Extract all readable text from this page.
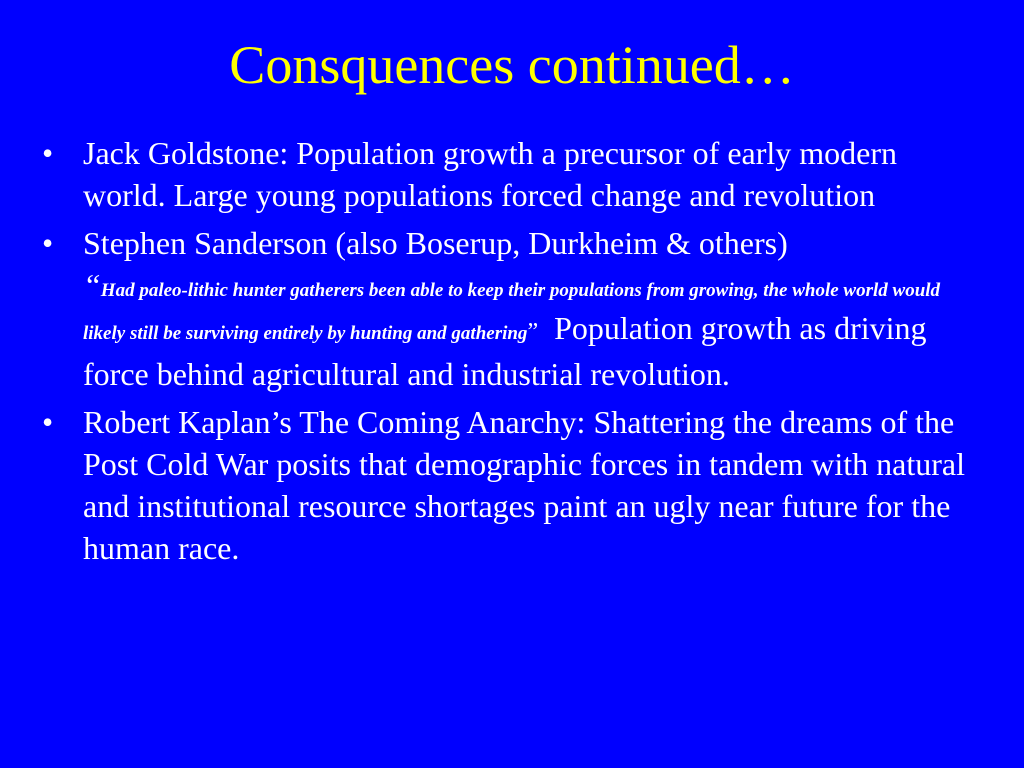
Consquences continued…
• Jack Goldstone: Population growth a precursor of early modern world. Large young populations forced change and revolution
• Stephen Sanderson (also Boserup, Durkheim & others)
“Had paleo-lithic hunter gatherers been able to keep their populations from growing, the whole world would likely still be surviving entirely by hunting and gathering” Population growth as driving force behind agricultural and industrial revolution.
• Robert Kaplan’s The Coming Anarchy: Shattering the dreams of the Post Cold War posits that demographic forces in tandem with natural and institutional resource shortages paint an ugly near future for the human race.
